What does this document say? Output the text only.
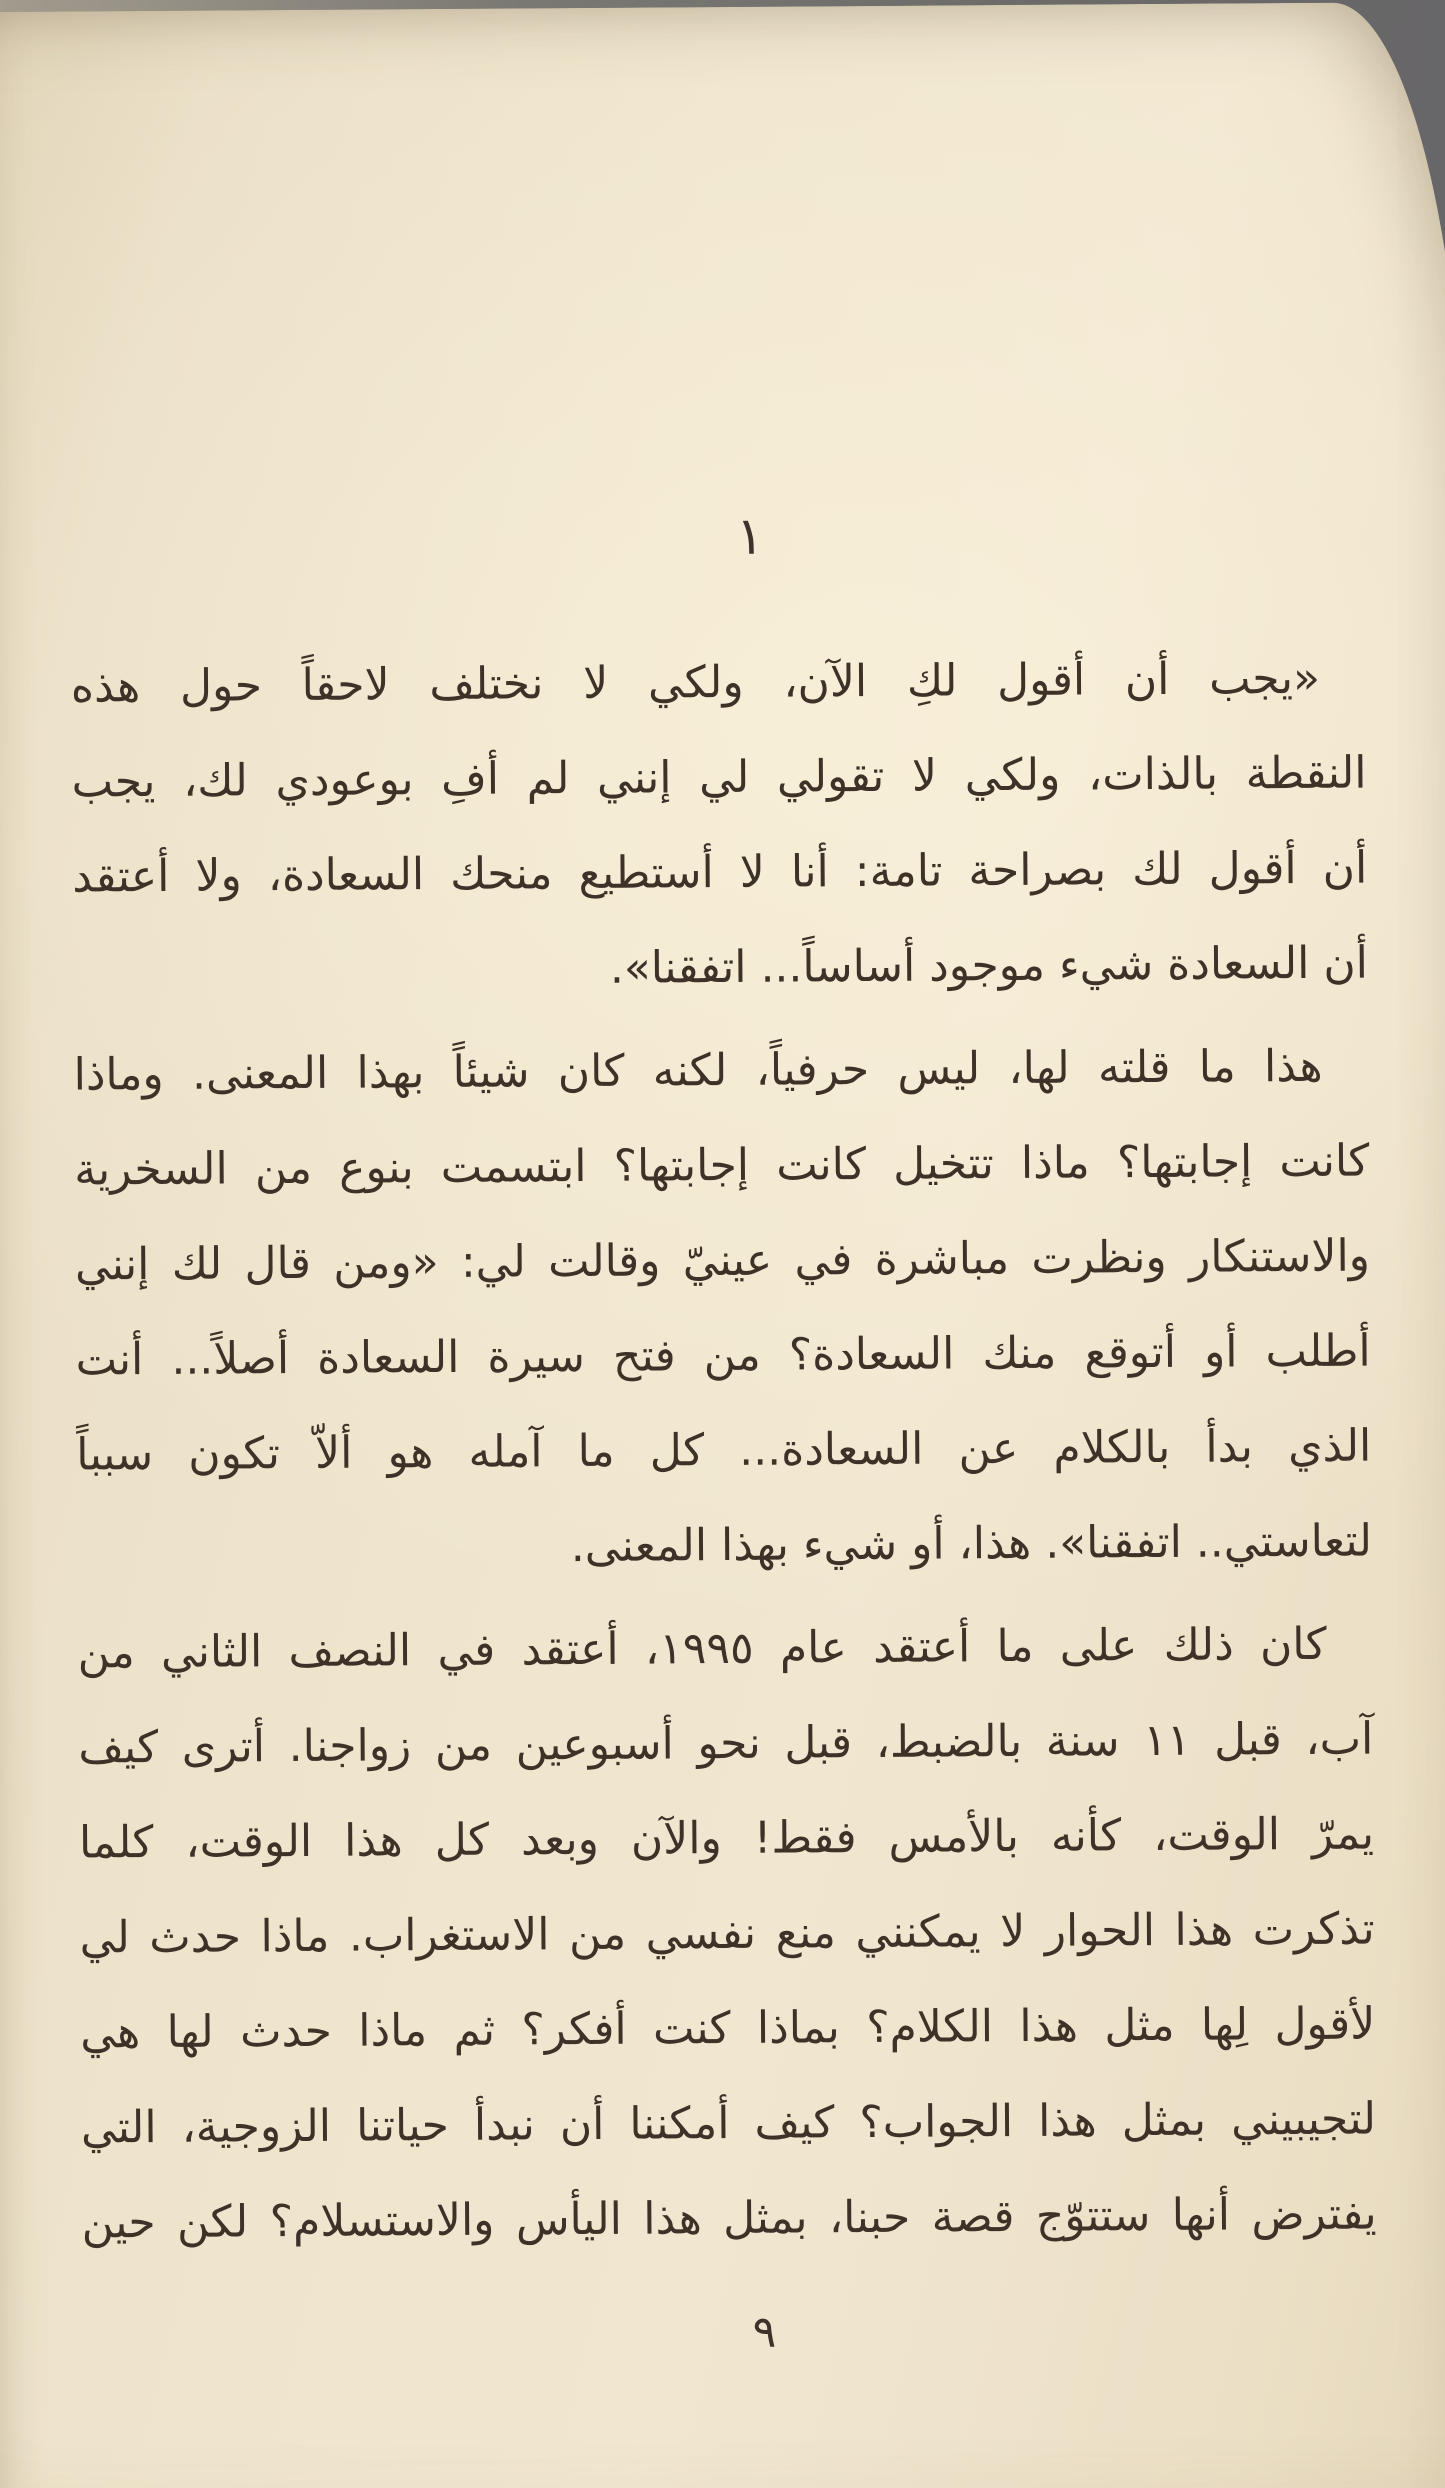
١
«يجب أن أقول لكِ الآن، ولكي لا نختلف لاحقاً حول هذه
النقطة بالذات، ولكي لا تقولي لي إنني لم أفِ بوعودي لك، يجب
أن أقول لك بصراحة تامة: أنا لا أستطيع منحك السعادة، ولا أعتقد
أن السعادة شيء موجود أساساً... اتفقنا».
هذا ما قلته لها، ليس حرفياً، لكنه كان شيئاً بهذا المعنى. وماذا
كانت إجابتها؟ ماذا تتخيل كانت إجابتها؟ ابتسمت بنوع من السخرية
والاستنكار ونظرت مباشرة في عينيّ وقالت لي: «ومن قال لك إنني
أطلب أو أتوقع منك السعادة؟ من فتح سيرة السعادة أصلاً... أنت
الذي بدأ بالكلام عن السعادة... كل ما آمله هو ألاّ تكون سبباً
لتعاستي.. اتفقنا». هذا، أو شيء بهذا المعنى.
كان ذلك على ما أعتقد عام ١٩٩٥، أعتقد في النصف الثاني من
آب، قبل ١١ سنة بالضبط، قبل نحو أسبوعين من زواجنا. أترى كيف
يمرّ الوقت، كأنه بالأمس فقط! والآن وبعد كل هذا الوقت، كلما
تذكرت هذا الحوار لا يمكنني منع نفسي من الاستغراب. ماذا حدث لي
لأقول لِها مثل هذا الكلام؟ بماذا كنت أفكر؟ ثم ماذا حدث لها هي
لتجيبيني بمثل هذا الجواب؟ كيف أمكننا أن نبدأ حياتنا الزوجية، التي
يفترض أنها ستتوّج قصة حبنا، بمثل هذا اليأس والاستسلام؟ لكن حين
٩
